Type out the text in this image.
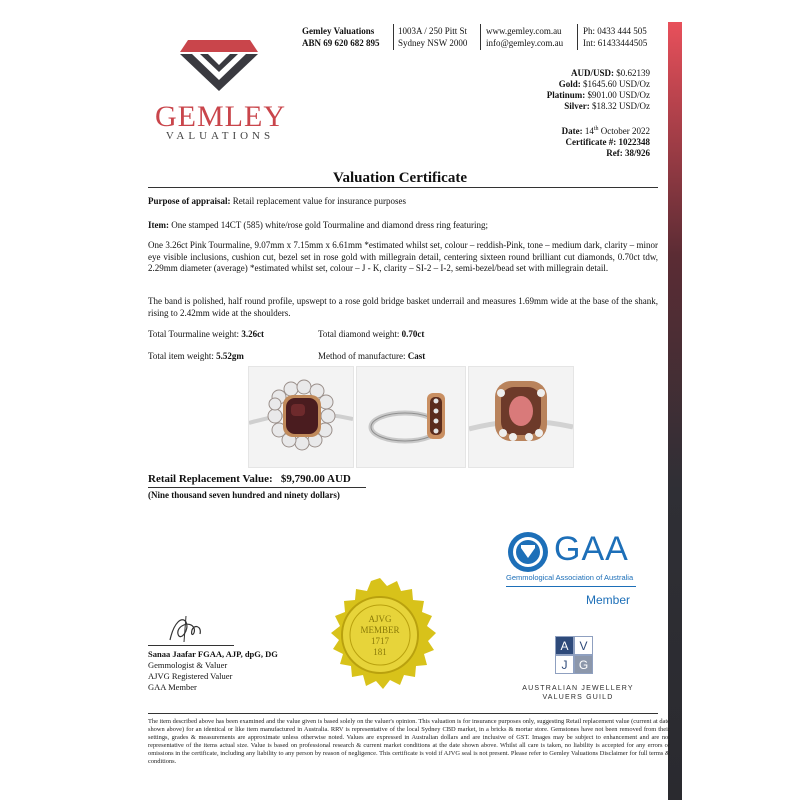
GEMLEY
VALUATIONS
Gemley Valuations
ABN 69 620 682 895
1003A / 250 Pitt St
Sydney NSW 2000
www.gemley.com.au
info@gemley.com.au
Ph: 0433 444 505
Int: 61433444505
AUD/USD: $0.62139
Gold: $1645.60 USD/Oz
Platinum: $901.00 USD/Oz
Silver: $18.32 USD/Oz
Date: 14th October 2022
Certificate #: 1022348
Ref: 38/926
Valuation Certificate
Purpose of appraisal: Retail replacement value for insurance purposes
Item: One stamped 14CT (585) white/rose gold Tourmaline and diamond dress ring featuring;
One 3.26ct Pink Tourmaline, 9.07mm x 7.15mm x 6.61mm *estimated whilst set, colour – reddish-Pink, tone – medium dark, clarity – minor eye visible inclusions, cushion cut, bezel set in rose gold with millegrain detail, centering sixteen round brilliant cut diamonds, 0.70ct tdw, 2.29mm diameter (average) *estimated whilst set, colour – J - K, clarity – SI-2 – I-2, semi-bezel/bead set with millegrain detail.
The band is polished, half round profile, upswept to a rose gold bridge basket underrail and measures 1.69mm wide at the base of the shank, rising to 2.42mm wide at the shoulders.
Total Tourmaline weight: 3.26ct	Total diamond weight: 0.70ct
Total item weight: 5.52gm	Method of manufacture: Cast
Retail Replacement Value: $9,790.00 AUD
(Nine thousand seven hundred and ninety dollars)
GAA
Gemmological Association of Australia
Member
AJVG
MEMBER
1717
181
Sanaa Jaafar FGAA, AJP, dpG, DG
Gemmologist & Valuer
AJVG Registered Valuer
GAA Member
A V
J G
AUSTRALIAN JEWELLERY
VALUERS GUILD
The item described above has been examined and the value given is based solely on the valuer's opinion. This valuation is for insurance purposes only, suggesting Retail replacement value (current at date shown above) for an identical or like item manufactured in Australia. RRV is representative of the local Sydney CBD market, in a bricks & mortar store. Gemstones have not been removed from their settings, grades & measurements are approximate unless otherwise noted. Values are expressed in Australian dollars and are inclusive of GST. Images may be subject to enhancement and are not representative of the items actual size. Value is based on professional research & current market conditions at the date shown above. Whilst all care is taken, no liability is accepted for any errors or omissions in the certificate, including any liability to any person by reason of negligence. This certificate is void if AJVG seal is not present. Please refer to Gemley Valuations Disclaimer for full terms & conditions.
